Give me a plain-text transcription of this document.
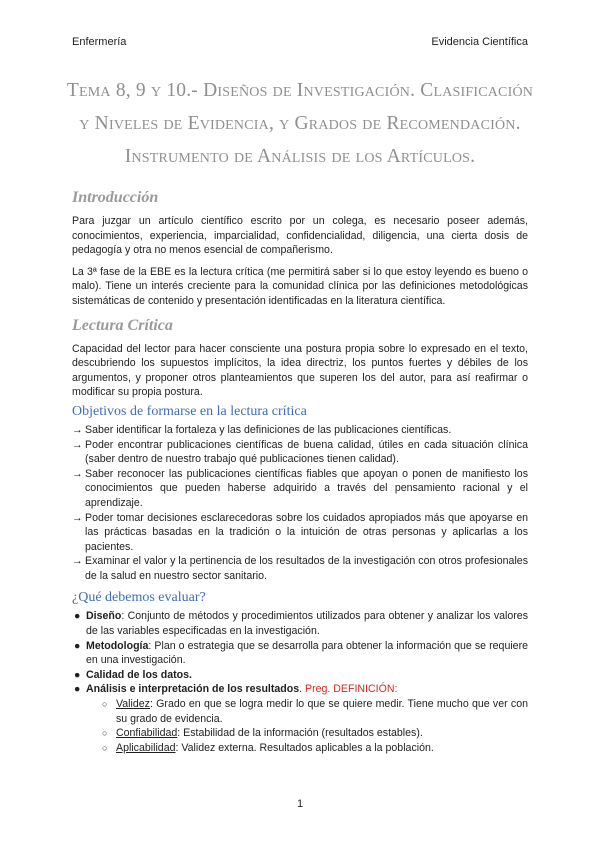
Enfermería	Evidencia Científica
Tema 8, 9 y 10.- Diseños de Investigación. Clasificación y Niveles de Evidencia, y Grados de Recomendación. Instrumento de Análisis de los Artículos.
Introducción

Para juzgar un artículo científico escrito por un colega, es necesario poseer además, conocimientos, experiencia, imparcialidad, confidencialidad, diligencia, una cierta dosis de pedagogía y otra no menos esencial de compañerismo.

La 3ª fase de la EBE es la lectura crítica (me permitirá saber si lo que estoy leyendo es bueno o malo). Tiene un interés creciente para la comunidad clínica por las definiciones metodológicas sistemáticas de contenido y presentación identificadas en la literatura científica.

Lectura Crítica

Capacidad del lector para hacer consciente una postura propia sobre lo expresado en el texto, descubriendo los supuestos implícitos, la idea directriz, los puntos fuertes y débiles de los argumentos, y proponer otros planteamientos que superen los del autor, para así reafirmar o modificar su propia postura.

Objetivos de formarse en la lectura crítica
→ Saber identificar la fortaleza y las definiciones de las publicaciones científicas.
→ Poder encontrar publicaciones científicas de buena calidad, útiles en cada situación clínica (saber dentro de nuestro trabajo qué publicaciones tienen calidad).
→ Saber reconocer las publicaciones científicas fiables que apoyan o ponen de manifiesto los conocimientos que pueden haberse adquirido a través del pensamiento racional y el aprendizaje.
→ Poder tomar decisiones esclarecedoras sobre los cuidados apropiados más que apoyarse en las prácticas basadas en la tradición o la intuición de otras personas y aplicarlas a los pacientes.
→ Examinar el valor y la pertinencia de los resultados de la investigación con otros profesionales de la salud en nuestro sector sanitario.
¿Qué debemos evaluar?
● Diseño: Conjunto de métodos y procedimientos utilizados para obtener y analizar los valores de las variables especificadas en la investigación.
● Metodología: Plan o estrategia que se desarrolla para obtener la información que se requiere en una investigación.
● Calidad de los datos.
● Análisis e interpretación de los resultados. Preg. DEFINICIÓN:
○ Validez: Grado en que se logra medir lo que se quiere medir. Tiene mucho que ver con su grado de evidencia.
○ Confiabilidad: Estabilidad de la información (resultados estables).
○ Aplicabilidad: Validez externa. Resultados aplicables a la población.
1
